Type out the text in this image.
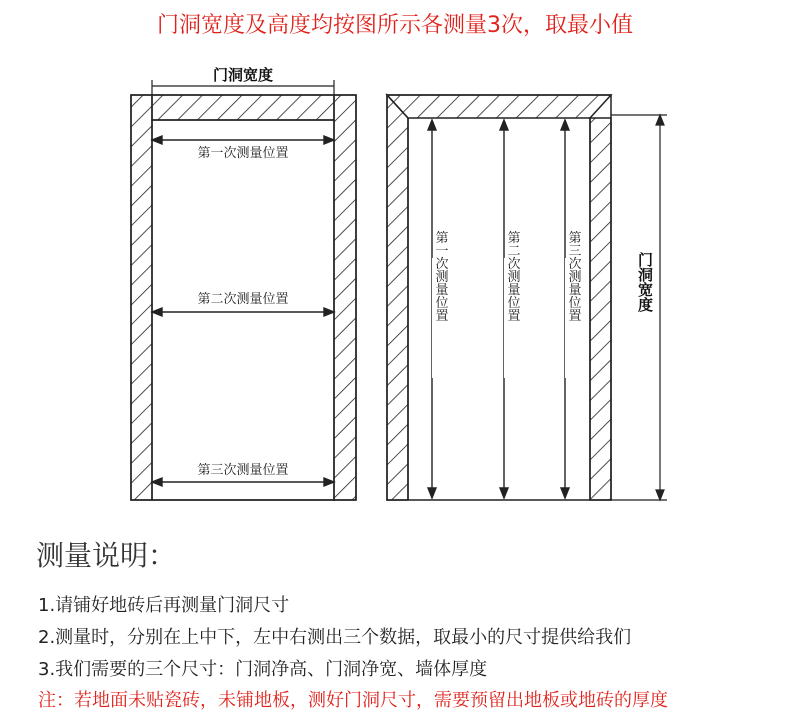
门洞宽度及高度均按图所示各测量3次，取最小值
门洞宽度
第一次测量位置
第二次测量位置
第三次测量位置
第一次测量位置	第二次测量位置	第三次测量位置	门洞宽度
测量说明：
1.请铺好地砖后再测量门洞尺寸
2.测量时，分别在上中下，左中右测出三个数据，取最小的尺寸提供给我们
3.我们需要的三个尺寸：门洞净高、门洞净宽、墙体厚度
注：若地面未贴瓷砖，未铺地板，测好门洞尺寸，需要预留出地板或地砖的厚度
